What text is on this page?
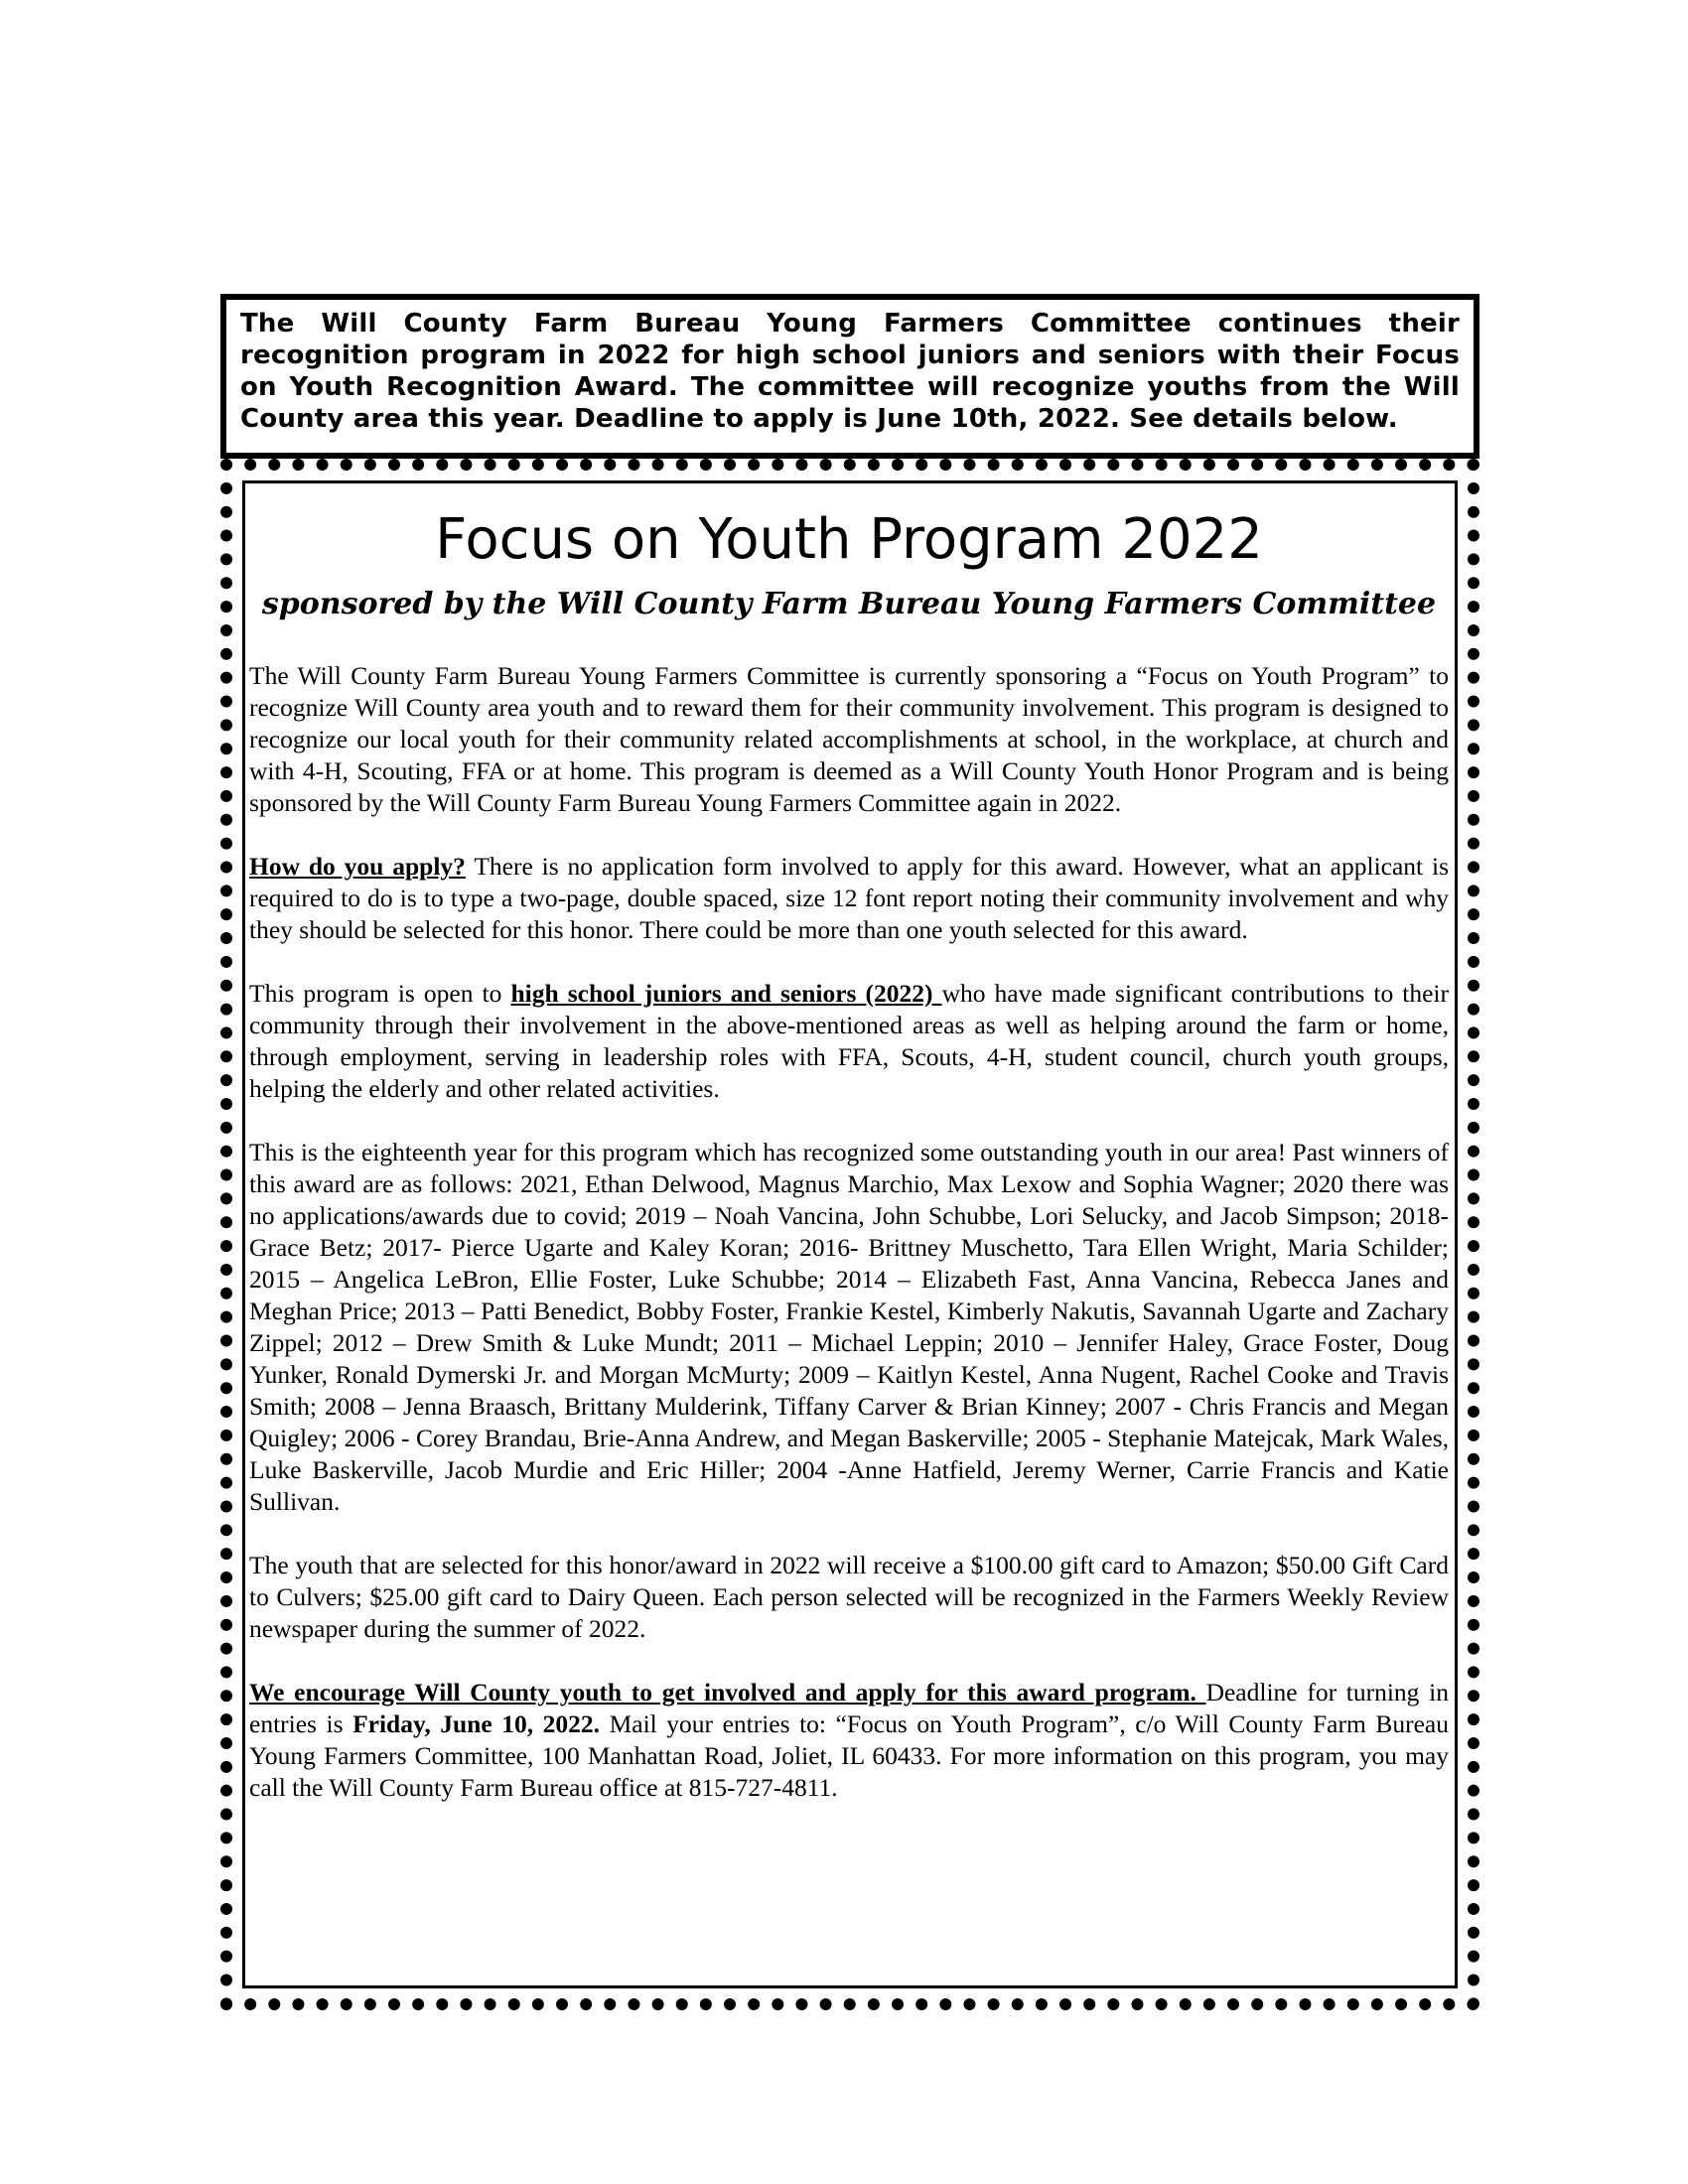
The Will County Farm Bureau Young Farmers Committee continues their recognition program in 2022 for high school juniors and seniors with their Focus on Youth Recognition Award. The committee will recognize youths from the Will County area this year. Deadline to apply is June 10th, 2022. See details below.

Focus on Youth Program 2022

sponsored by the Will County Farm Bureau Young Farmers Committee

The Will County Farm Bureau Young Farmers Committee is currently sponsoring a “Focus on Youth Program” to recognize Will County area youth and to reward them for their community involvement. This program is designed to recognize our local youth for their community related accomplishments at school, in the workplace, at church and with 4-H, Scouting, FFA or at home. This program is deemed as a Will County Youth Honor Program and is being sponsored by the Will County Farm Bureau Young Farmers Committee again in 2022.

How do you apply? There is no application form involved to apply for this award. However, what an applicant is required to do is to type a two-page, double spaced, size 12 font report noting their community involvement and why they should be selected for this honor. There could be more than one youth selected for this award.

This program is open to high school juniors and seniors (2022) who have made significant contributions to their community through their involvement in the above-mentioned areas as well as helping around the farm or home, through employment, serving in leadership roles with FFA, Scouts, 4-H, student council, church youth groups, helping the elderly and other related activities.

This is the eighteenth year for this program which has recognized some outstanding youth in our area! Past winners of this award are as follows: 2021, Ethan Delwood, Magnus Marchio, Max Lexow and Sophia Wagner; 2020 there was no applications/awards due to covid; 2019 – Noah Vancina, John Schubbe, Lori Selucky, and Jacob Simpson; 2018- Grace Betz; 2017- Pierce Ugarte and Kaley Koran; 2016- Brittney Muschetto, Tara Ellen Wright, Maria Schilder; 2015 – Angelica LeBron, Ellie Foster, Luke Schubbe; 2014 – Elizabeth Fast, Anna Vancina, Rebecca Janes and Meghan Price; 2013 – Patti Benedict, Bobby Foster, Frankie Kestel, Kimberly Nakutis, Savannah Ugarte and Zachary Zippel; 2012 – Drew Smith & Luke Mundt; 2011 – Michael Leppin; 2010 – Jennifer Haley, Grace Foster, Doug Yunker, Ronald Dymerski Jr. and Morgan McMurty; 2009 – Kaitlyn Kestel, Anna Nugent, Rachel Cooke and Travis Smith; 2008 – Jenna Braasch, Brittany Mulderink, Tiffany Carver & Brian Kinney; 2007 - Chris Francis and Megan Quigley; 2006 - Corey Brandau, Brie-Anna Andrew, and Megan Baskerville; 2005 - Stephanie Matejcak, Mark Wales, Luke Baskerville, Jacob Murdie and Eric Hiller; 2004 -Anne Hatfield, Jeremy Werner, Carrie Francis and Katie Sullivan.

The youth that are selected for this honor/award in 2022 will receive a $100.00 gift card to Amazon; $50.00 Gift Card to Culvers; $25.00 gift card to Dairy Queen. Each person selected will be recognized in the Farmers Weekly Review newspaper during the summer of 2022.

We encourage Will County youth to get involved and apply for this award program. Deadline for turning in entries is Friday, June 10, 2022. Mail your entries to: “Focus on Youth Program”, c/o Will County Farm Bureau Young Farmers Committee, 100 Manhattan Road, Joliet, IL 60433. For more information on this program, you may call the Will County Farm Bureau office at 815-727-4811.
